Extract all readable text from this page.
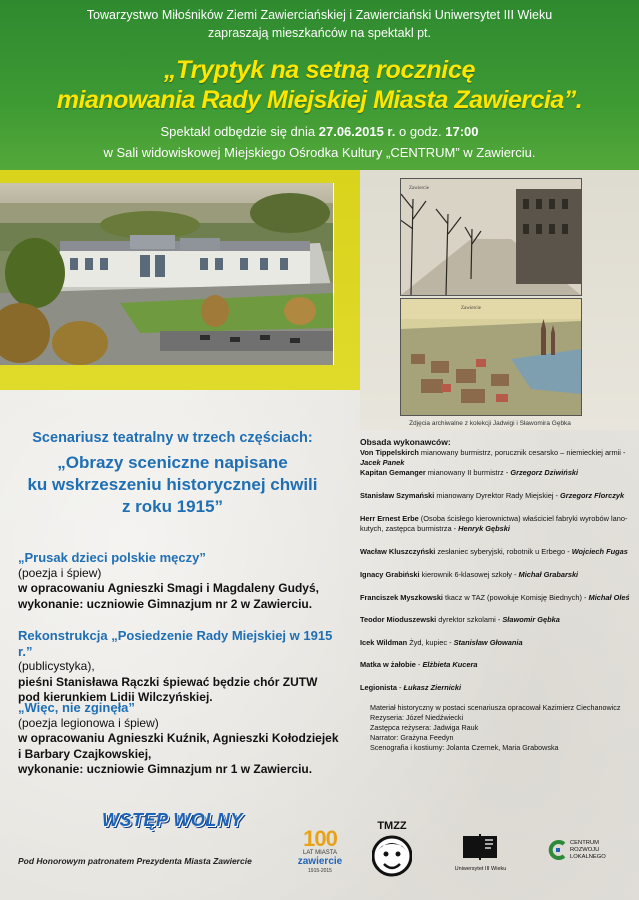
Towarzystwo Miłośników Ziemi Zawierciańskiej i Zawierciański Uniwersytet III Wieku
zapraszają mieszkańców na spektakl pt.
„Tryptyk na setną rocznicę
mianowania Rady Miejskiej Miasta Zawiercia”.
Spektakl odbędzie się dnia 27.06.2015 r. o godz. 17:00
w Sali widowiskowej Miejskiego Ośrodka Kultury „CENTRUM” w Zawierciu.
Zawiercie
Zawiercie
Zdjęcia archiwalne z kolekcji Jadwigi i Sławomira Gębka
Scenariusz teatralny w trzech częściach:
„Obrazy sceniczne napisane
ku wskrzeszeniu historycznej chwili
z roku 1915”
„Prusak dzieci polskie męczy”
(poezja i śpiew)
w opracowaniu Agnieszki Smagi i Magdaleny Gudyś,
wykonanie: uczniowie Gimnazjum nr 2 w Zawierciu.
Rekonstrukcja „Posiedzenie Rady Miejskiej w 1915 r.”
(publicystyka),
pieśni Stanisława Rączki śpiewać będzie chór ZUTW
pod kierunkiem Lidii Wilczyńskiej.
„Więc, nie zginęła”
(poezja legionowa i śpiew)
w opracowaniu Agnieszki Kuźnik, Agnieszki Kołodziejek
i Barbary Czajkowskiej,
wykonanie: uczniowie Gimnazjum nr 1 w Zawierciu.
Obsada wykonawców:
Von Tippelskirch mianowany burmistrz, porucznik cesarsko – niemieckiej armii - Jacek Panek
Kapitan Gemanger mianowany II burmistrz - Grzegorz Dziwiński
Stanisław Szymański mianowany Dyrektor Rady Miejskiej - Grzegorz Florczyk
Herr Ernest Erbe (Osoba ścisłego kierownictwa) właściciel fabryki wyrobów lano-kutych, zastępca burmistrza - Henryk Gębski
Wacław Kluszczyński zesłaniec syberyjski, robotnik u Erbego - Wojciech Fugas
Ignacy Grabiński kierownik 6-klasowej szkoły - Michał Grabarski
Franciszek Myszkowski tkacz w TAZ (powołuje Komisję Biednych) - Michał Oleś
Teodor Mioduszewski dyrektor szkolami - Sławomir Gębka
Icek Wildman Żyd, kupiec - Stanisław Głowania
Matka w żałobie - Elżbieta Kucera
Legionista - Łukasz Ziernicki
Materiał historyczny w postaci scenariusza opracował Kazimierz Ciechanowicz
Rezyseria: Józef Niedźwiecki
Zastępca reżysera: Jadwiga Rauk
Narrator: Grażyna Feedyn
Scenografia i kostiumy: Jolanta Czernek, Maria Grabowska
WSTĘP WOLNY
Pod Honorowym patronatem Prezydenta Miasta Zawiercie
100
LAT MIASTA
zawiercie
1915-2015
TMZZ
Uniwersytet III Wieku
CENTRUM
ROZWOJU
LOKALNEGO
